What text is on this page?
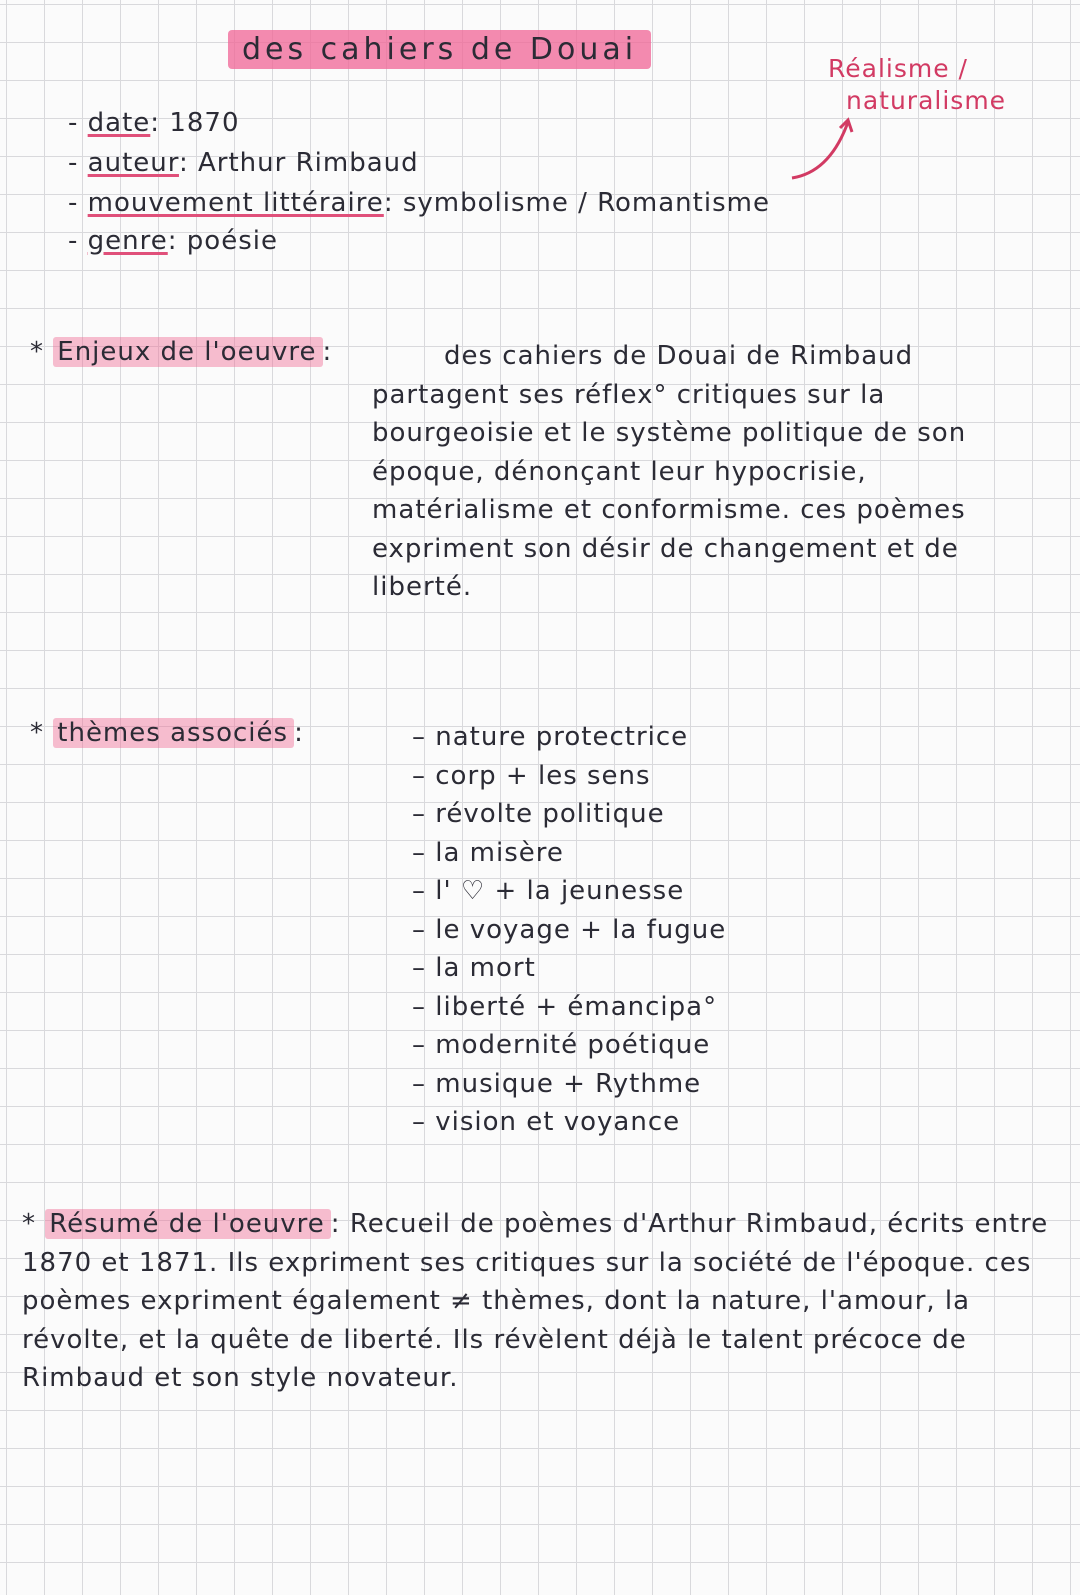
des cahiers de Douai
Réalisme /
naturalisme
- date: 1870
- auteur: Arthur Rimbaud
- mouvement littéraire: symbolisme / Romantisme
- genre: poésie
* Enjeux de l'oeuvre :	des cahiers de Douai de Rimbaud partagent ses réflex° critiques sur la bourgeoisie et le système politique de son époque, dénonçant leur hypocrisie, matérialisme et conformisme. ces poèmes expriment son désir de changement et de liberté.
* thèmes associés :
–	nature protectrice
– corp + les sens
– révolte politique
– la misère
– l' ♡ + la jeunesse
– le voyage + la fugue
– la mort
– liberté + émancipa°
– modernité poétique
– musique + Rythme
– vision et voyance
* Résumé de l'oeuvre : Recueil de poèmes d'Arthur Rimbaud, écrits entre 1870 et 1871. Ils expriment ses critiques sur la société de l'époque. ces poèmes expriment également ≠ thèmes, dont la nature, l'amour, la révolte, et la quête de liberté. Ils révèlent déjà le talent précoce de Rimbaud et son style novateur.
